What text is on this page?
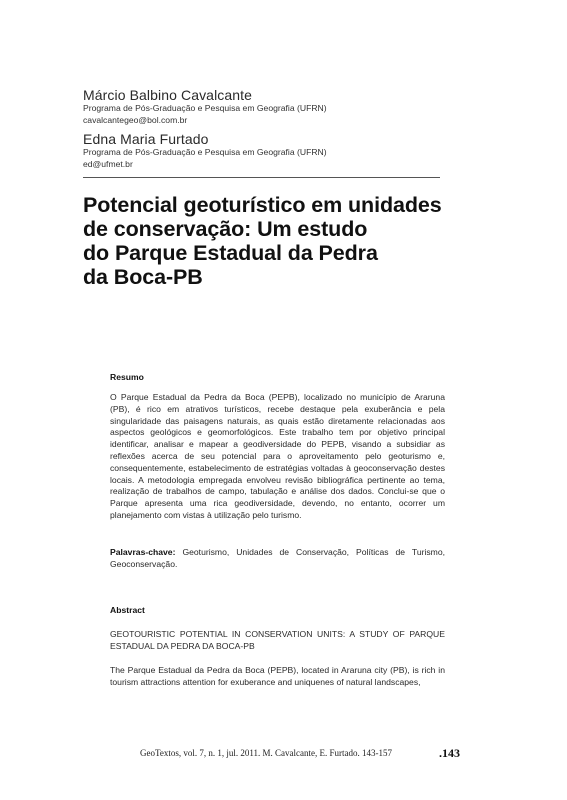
Márcio Balbino Cavalcante
Programa de Pós-Graduação e Pesquisa em Geografia (UFRN)
cavalcantegeo@bol.com.br
Edna Maria Furtado
Programa de Pós-Graduação e Pesquisa em Geografia (UFRN)
ed@ufmet.br
Potencial geoturístico em unidades
de conservação: Um estudo
do Parque Estadual da Pedra
da Boca-PB
Resumo
O Parque Estadual da Pedra da Boca (PEPB), localizado no município de Araruna (PB), é rico em atrativos turísticos, recebe destaque pela exuberância e pela singularidade das paisagens naturais, as quais estão diretamente relacionadas aos aspectos geológicos e geomorfológicos. Este trabalho tem por objetivo principal identificar, analisar e mapear a geodiversidade do PEPB, visando a subsidiar as reflexões acerca de seu potencial para o aproveitamento pelo geoturismo e, consequentemente, estabelecimento de estratégias voltadas à geoconservação destes locais. A metodologia empregada envolveu revisão bibliográfica pertinente ao tema, realização de trabalhos de campo, tabulação e análise dos dados. Conclui-se que o Parque apresenta uma rica geodiversidade, devendo, no entanto, ocorrer um planejamento com vistas à utilização pelo turismo.
Palavras-chave: Geoturismo, Unidades de Conservação, Políticas de Turismo, Geoconservação.
Abstract
GEOTOURISTIC POTENTIAL IN CONSERVATION UNITS: A STUDY OF PARQUE ESTADUAL DA PEDRA DA BOCA-PB
The Parque Estadual da Pedra da Boca (PEPB), located in Araruna city (PB), is rich in tourism attractions attention for exuberance and uniquenes of natural landscapes,
GeoTextos, vol. 7, n. 1, jul. 2011. M. Cavalcante, E. Furtado. 143-157	.143
